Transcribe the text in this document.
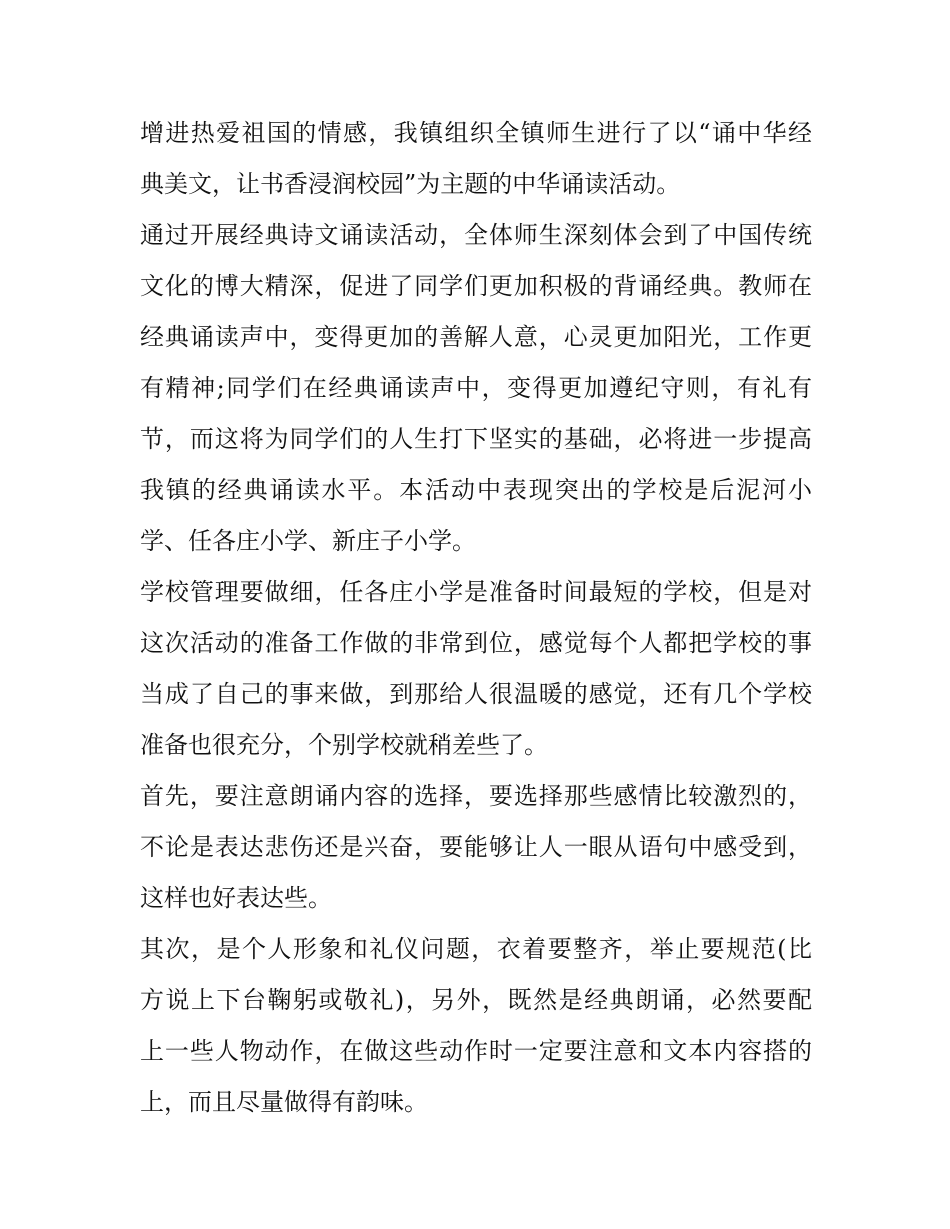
增进热爱祖国的情感，我镇组织全镇师生进行了以“诵中华经
典美文，让书香浸润校园”为主题的中华诵读活动。
通过开展经典诗文诵读活动，全体师生深刻体会到了中国传统
文化的博大精深，促进了同学们更加积极的背诵经典。教师在
经典诵读声中，变得更加的善解人意，心灵更加阳光，工作更
有精神;同学们在经典诵读声中，变得更加遵纪守则，有礼有
节，而这将为同学们的人生打下坚实的基础，必将进一步提高
我镇的经典诵读水平。本活动中表现突出的学校是后泥河小
学、任各庄小学、新庄子小学。
学校管理要做细，任各庄小学是准备时间最短的学校，但是对
这次活动的准备工作做的非常到位，感觉每个人都把学校的事
当成了自己的事来做，到那给人很温暖的感觉，还有几个学校
准备也很充分，个别学校就稍差些了。
首先，要注意朗诵内容的选择，要选择那些感情比较激烈的，
不论是表达悲伤还是兴奋，要能够让人一眼从语句中感受到，
这样也好表达些。
其次，是个人形象和礼仪问题，衣着要整齐，举止要规范(比
方说上下台鞠躬或敬礼)，另外，既然是经典朗诵，必然要配
上一些人物动作，在做这些动作时一定要注意和文本内容搭的
上，而且尽量做得有韵味。
